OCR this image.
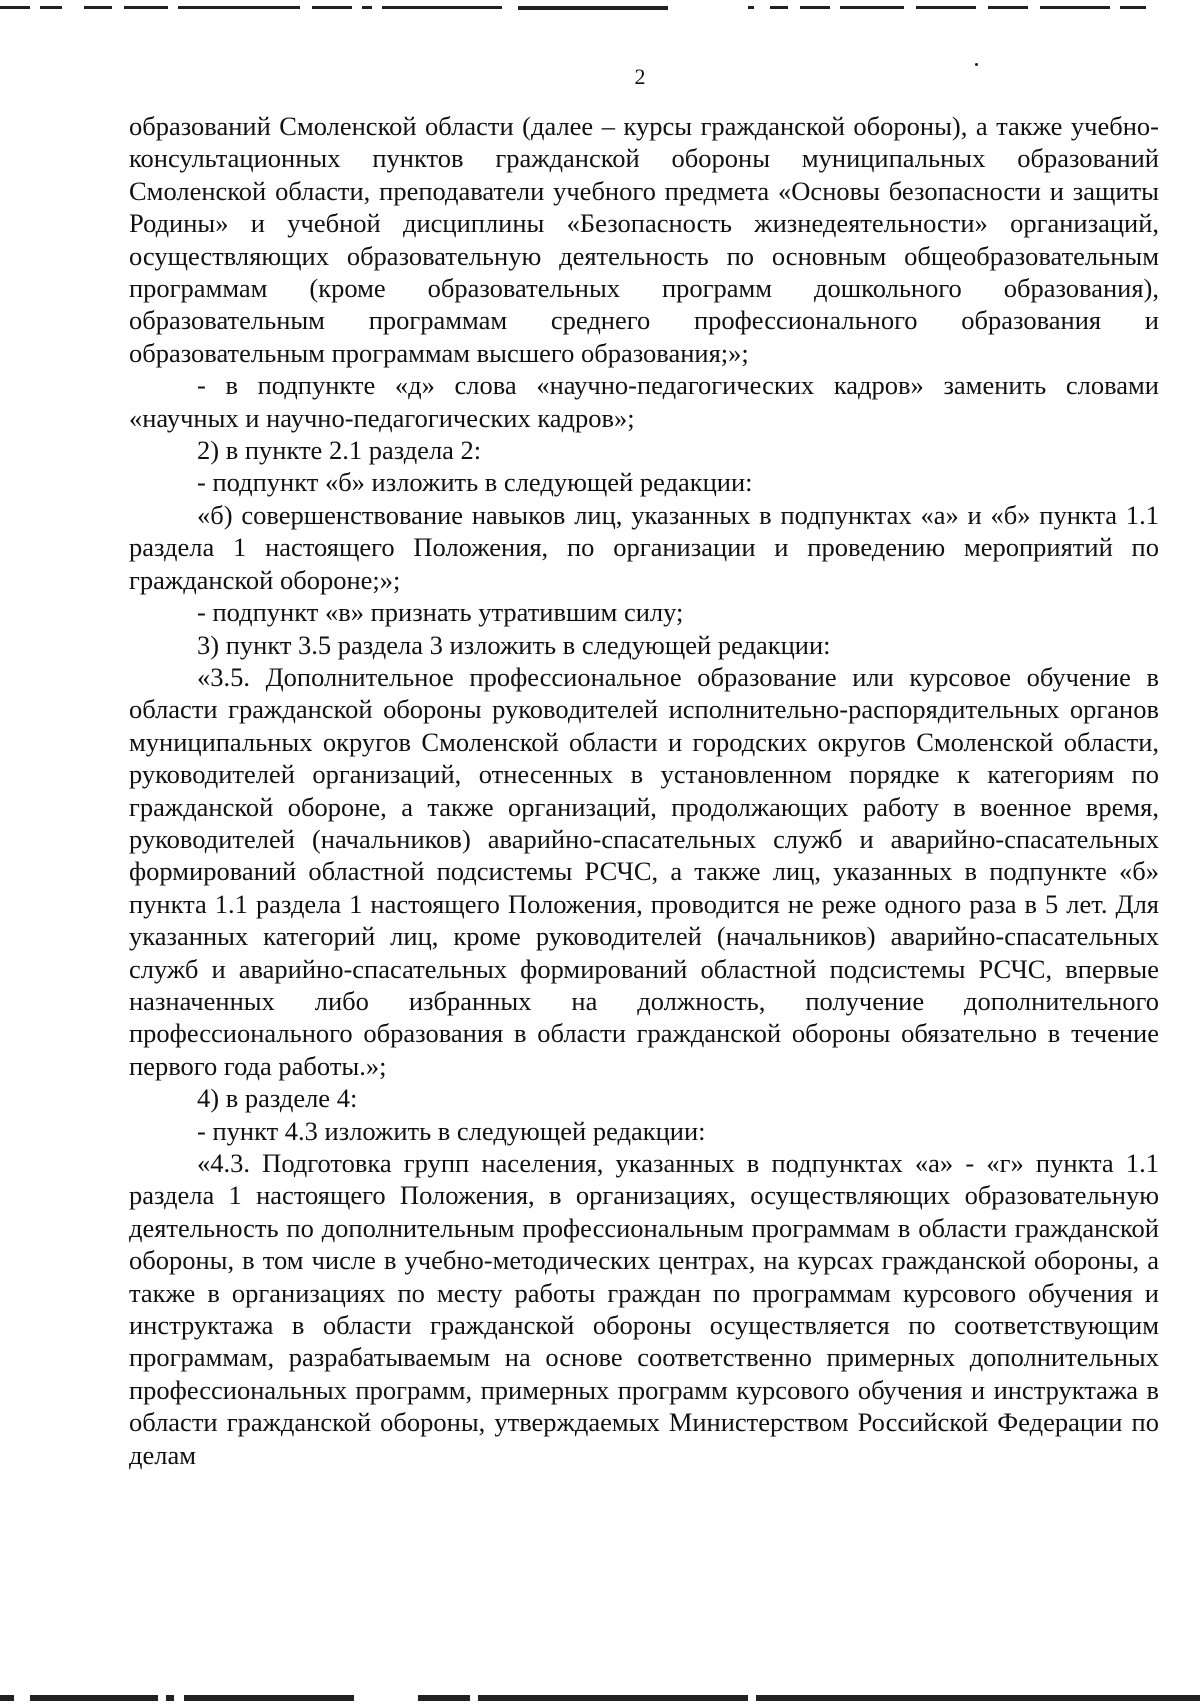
2

образований Смоленской области (далее – курсы гражданской обороны), а также учебно-консультационных пунктов гражданской обороны муниципальных образований Смоленской области, преподаватели учебного предмета «Основы безопасности и защиты Родины» и учебной дисциплины «Безопасность жизнедеятельности» организаций, осуществляющих образовательную деятельность по основным общеобразовательным программам (кроме образовательных программ дошкольного образования), образовательным программам среднего профессионального образования и образовательным программам высшего образования;»;

- в подпункте «д» слова «научно-педагогических кадров» заменить словами «научных и научно-педагогических кадров»;

2) в пункте 2.1 раздела 2:

- подпункт «б» изложить в следующей редакции:

«б) совершенствование навыков лиц, указанных в подпунктах «а» и «б» пункта 1.1 раздела 1 настоящего Положения, по организации и проведению мероприятий по гражданской обороне;»;

- подпункт «в» признать утратившим силу;

3) пункт 3.5 раздела 3 изложить в следующей редакции:

«3.5. Дополнительное профессиональное образование или курсовое обучение в области гражданской обороны руководителей исполнительно-распорядительных органов муниципальных округов Смоленской области и городских округов Смоленской области, руководителей организаций, отнесенных в установленном порядке к категориям по гражданской обороне, а также организаций, продолжающих работу в военное время, руководителей (начальников) аварийно-спасательных служб и аварийно-спасательных формирований областной подсистемы РСЧС, а также лиц, указанных в подпункте «б» пункта 1.1 раздела 1 настоящего Положения, проводится не реже одного раза в 5 лет. Для указанных категорий лиц, кроме руководителей (начальников) аварийно-спасательных служб и аварийно-спасательных формирований областной подсистемы РСЧС, впервые назначенных либо избранных на должность, получение дополнительного профессионального образования в области гражданской обороны обязательно в течение первого года работы.»;

4) в разделе 4:

- пункт 4.3 изложить в следующей редакции:

«4.3. Подготовка групп населения, указанных в подпунктах «а» - «г» пункта 1.1 раздела 1 настоящего Положения, в организациях, осуществляющих образовательную деятельность по дополнительным профессиональным программам в области гражданской обороны, в том числе в учебно-методических центрах, на курсах гражданской обороны, а также в организациях по месту работы граждан по программам курсового обучения и инструктажа в области гражданской обороны осуществляется по соответствующим программам, разрабатываемым на основе соответственно примерных дополнительных профессиональных программ, примерных программ курсового обучения и инструктажа в области гражданской обороны, утверждаемых Министерством Российской Федерации по делам
